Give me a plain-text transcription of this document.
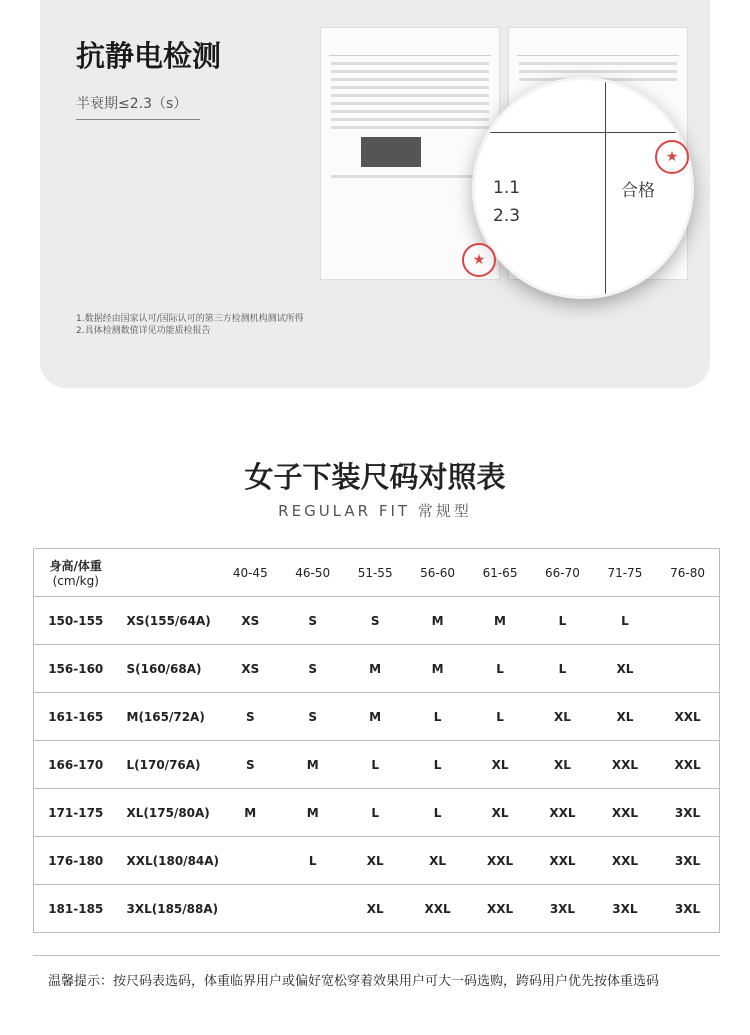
抗静电检测
半衰期≤2.3（s）
1.数据经由国家认可/国际认可的第三方检测机构测试所得
2.具体检测数值详见功能质检报告
1.1
2.3
合格
★
★
女子下装尺码对照表
REGULAR FIT 常规型
身高/体重
(cm/kg)		40-45	46-50	51-55	56-60	61-65	66-70	71-75	76-80
150-155	XS(155/64A)	XS	S	S	M	M	L	L	
156-160	S(160/68A)	XS	S	M	M	L	L	XL	
161-165	M(165/72A)	S	S	M	L	L	XL	XL	XXL
166-170	L(170/76A)	S	M	L	L	XL	XL	XXL	XXL
171-175	XL(175/80A)	M	M	L	L	XL	XXL	XXL	3XL
176-180	XXL(180/84A)		L	XL	XL	XXL	XXL	XXL	3XL
181-185	3XL(185/88A)			XL	XXL	XXL	3XL	3XL	3XL
温馨提示：按尺码表选码，体重临界用户或偏好宽松穿着效果用户可大一码选购，跨码用户优先按体重选码
